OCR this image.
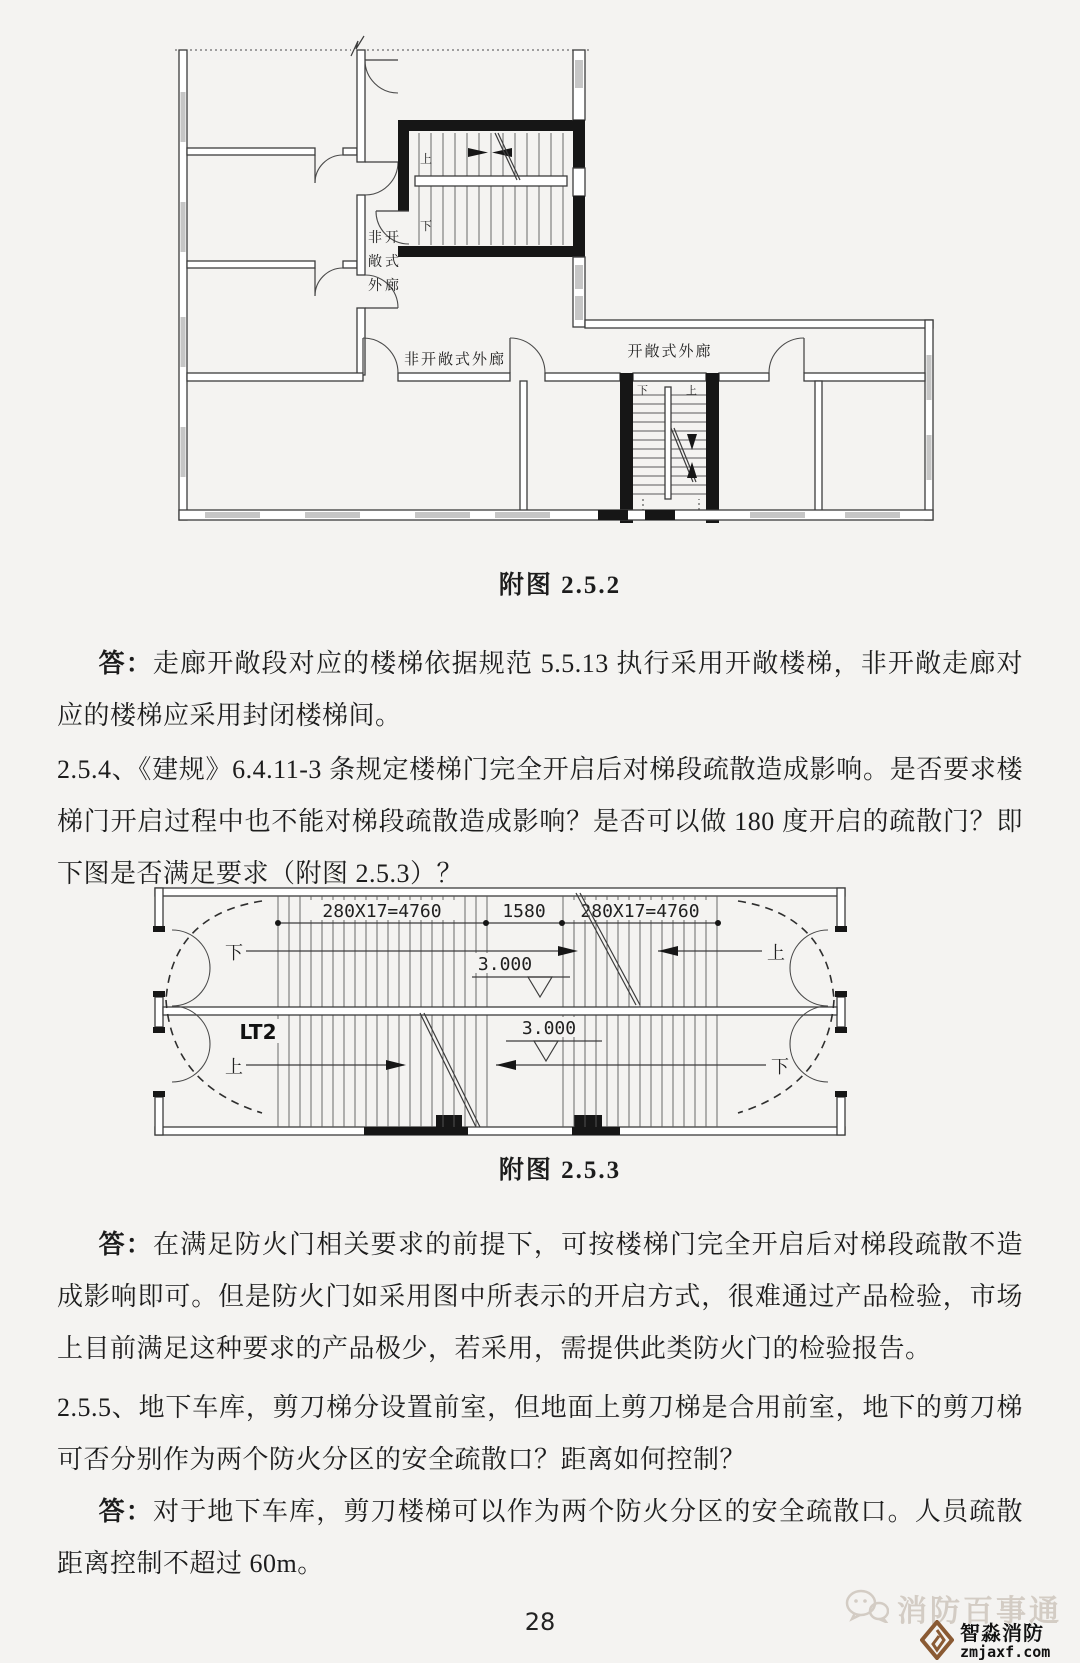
上
下
非开
敞式
外廊
下	上
非开敞式外廊	开敞式外廊
附图 2.5.2

答：走廊开敞段对应的楼梯依据规范 5.5.13 执行采用开敞楼梯，非开敞走廊对应的楼梯应采用封闭楼梯间。

2.5.4、《建规》6.4.11-3 条规定楼梯门完全开启后对梯段疏散造成影响。是否要求楼梯门开启过程中也不能对梯段疏散造成影响？是否可以做 180 度开启的疏散门？即下图是否满足要求（附图 2.5.3）？

280X17=4760	1580 280X17=4760
下	上
3.000
3.000
LT2
上	下
附图 2.5.3

答：在满足防火门相关要求的前提下，可按楼梯门完全开启后对梯段疏散不造成影响即可。但是防火门如采用图中所表示的开启方式，很难通过产品检验，市场上目前满足这种要求的产品极少，若采用，需提供此类防火门的检验报告。

2.5.5、地下车库，剪刀梯分设置前室，但地面上剪刀梯是合用前室，地下的剪刀梯可否分别作为两个防火分区的安全疏散口？距离如何控制？

答：对于地下车库，剪刀楼梯可以作为两个防火分区的安全疏散口。人员疏散距离控制不超过 60m。

28	消防百事通
智淼消防
zmjaxf.com
